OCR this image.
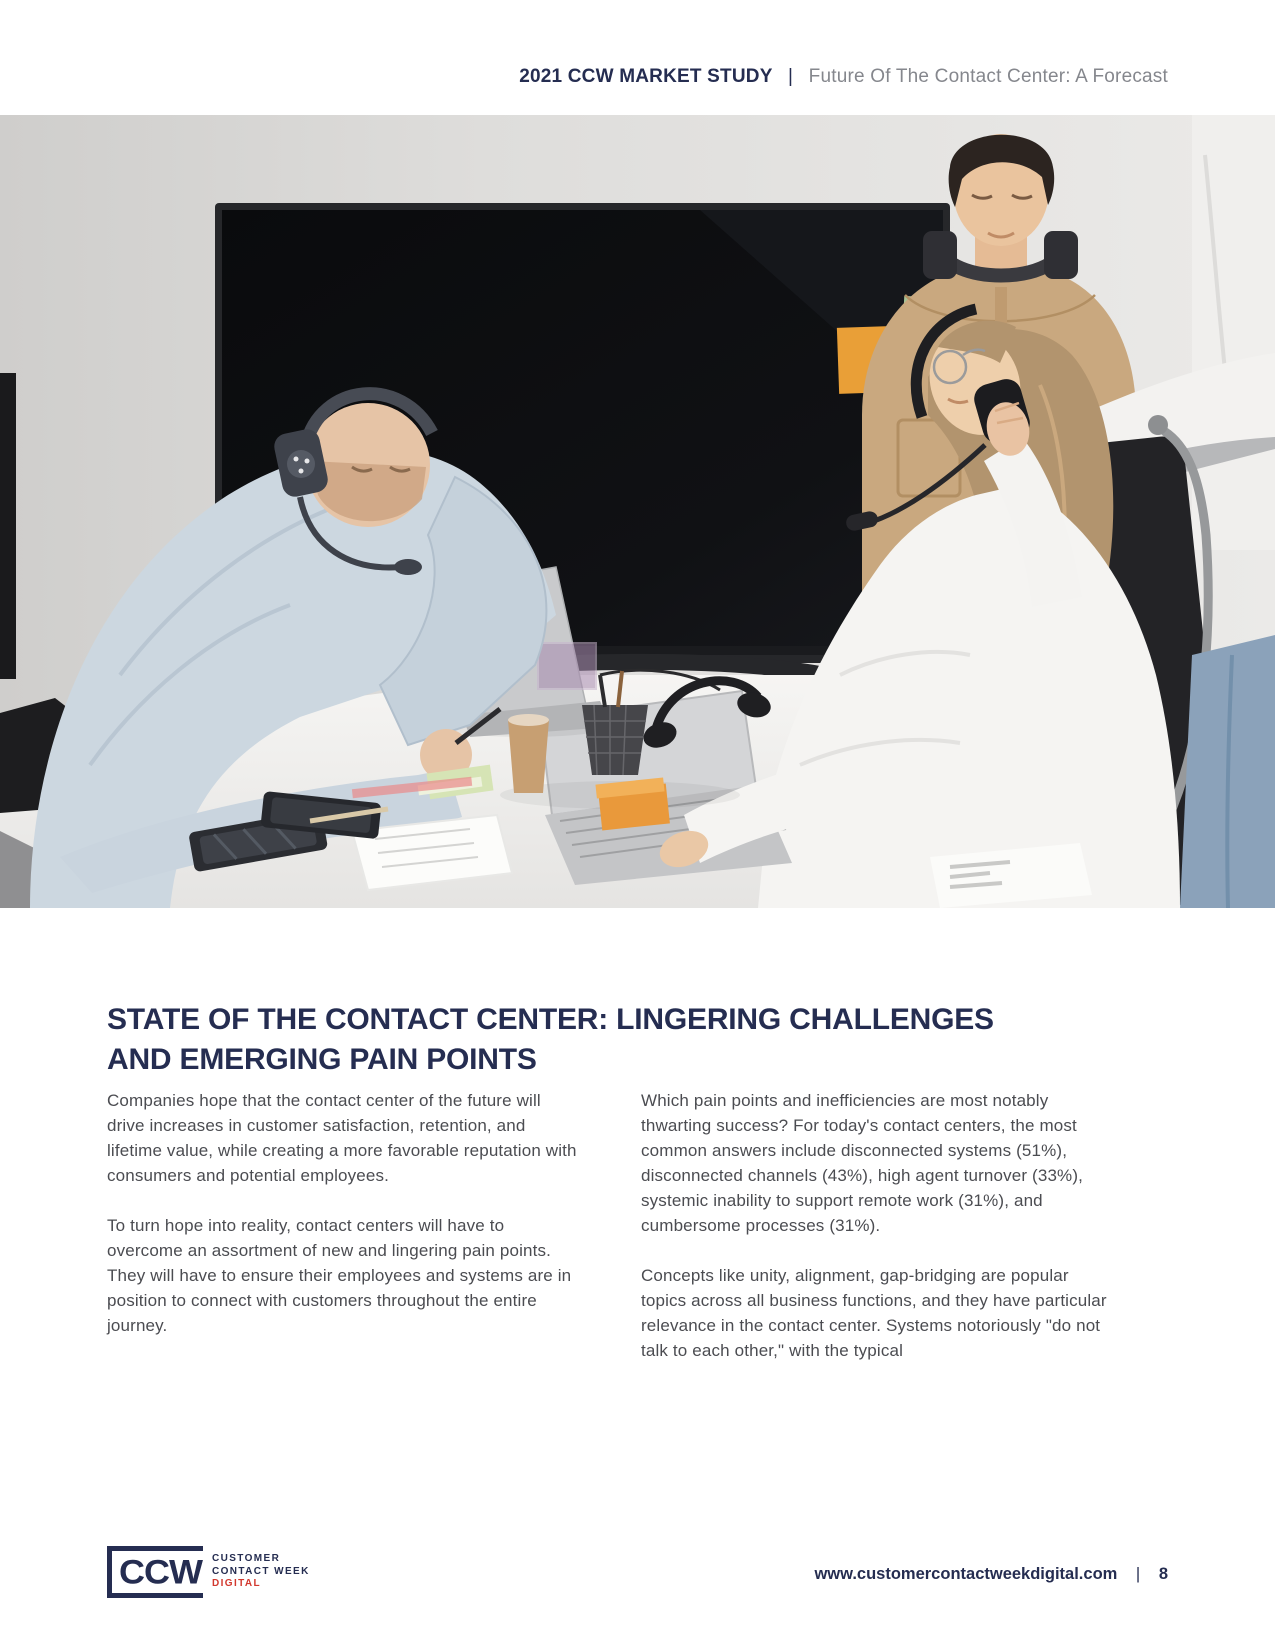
2021 CCW MARKET STUDY | Future Of The Contact Center: A Forecast
STATE OF THE CONTACT CENTER: LINGERING CHALLENGES
AND EMERGING PAIN POINTS

Companies hope that the contact center of the future will drive increases in customer satisfaction, retention, and lifetime value, while creating a more favorable reputation with consumers and potential employees.

To turn hope into reality, contact centers will have to overcome an assortment of new and lingering pain points. They will have to ensure their employees and systems are in position to connect with customers throughout the entire journey.

Which pain points and inefficiencies are most notably thwarting success? For today's contact centers, the most common answers include disconnected systems (51%), disconnected channels (43%), high agent turnover (33%), systemic inability to support remote work (31%), and cumbersome processes (31%).

Concepts like unity, alignment, gap-bridging are popular topics across all business functions, and they have particular relevance in the contact center. Systems notoriously "do not talk to each other," with the typical

CCW CUSTOMER
CONTACT WEEK
DIGITAL
www.customercontactweekdigital.com | 8
